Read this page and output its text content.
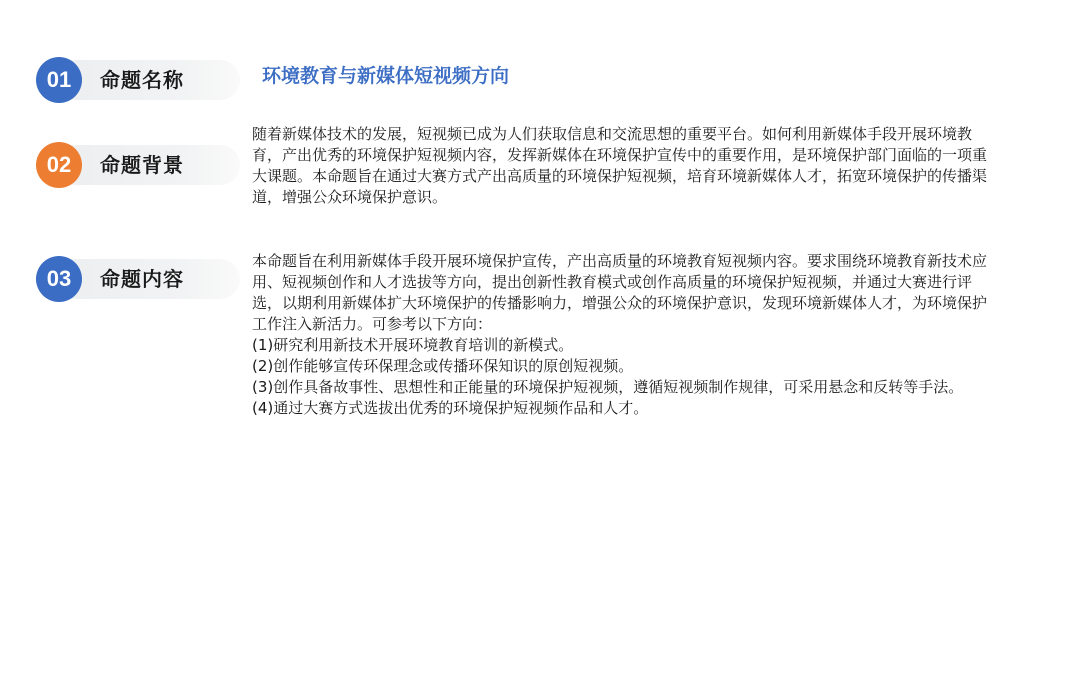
01	命题名称	环境教育与新媒体短视频方向
02	命题背景

随着新媒体技术的发展，短视频已成为人们获取信息和交流思想的重要平台。如何利用新媒体手段开展环境教育，产出优秀的环境保护短视频内容，发挥新媒体在环境保护宣传中的重要作用，是环境保护部门面临的一项重大课题。本命题旨在通过大赛方式产出高质量的环境保护短视频，培育环境新媒体人才，拓宽环境保护的传播渠道，增强公众环境保护意识。

03	命题内容

本命题旨在利用新媒体手段开展环境保护宣传，产出高质量的环境教育短视频内容。要求围绕环境教育新技术应用、短视频创作和人才选拔等方向，提出创新性教育模式或创作高质量的环境保护短视频，并通过大赛进行评选，以期利用新媒体扩大环境保护的传播影响力，增强公众的环境保护意识，发现环境新媒体人才，为环境保护工作注入新活力。可参考以下方向：

(1)研究利用新技术开展环境教育培训的新模式。

(2)创作能够宣传环保理念或传播环保知识的原创短视频。

(3)创作具备故事性、思想性和正能量的环境保护短视频，遵循短视频制作规律，可采用悬念和反转等手法。

(4)通过大赛方式选拔出优秀的环境保护短视频作品和人才。
